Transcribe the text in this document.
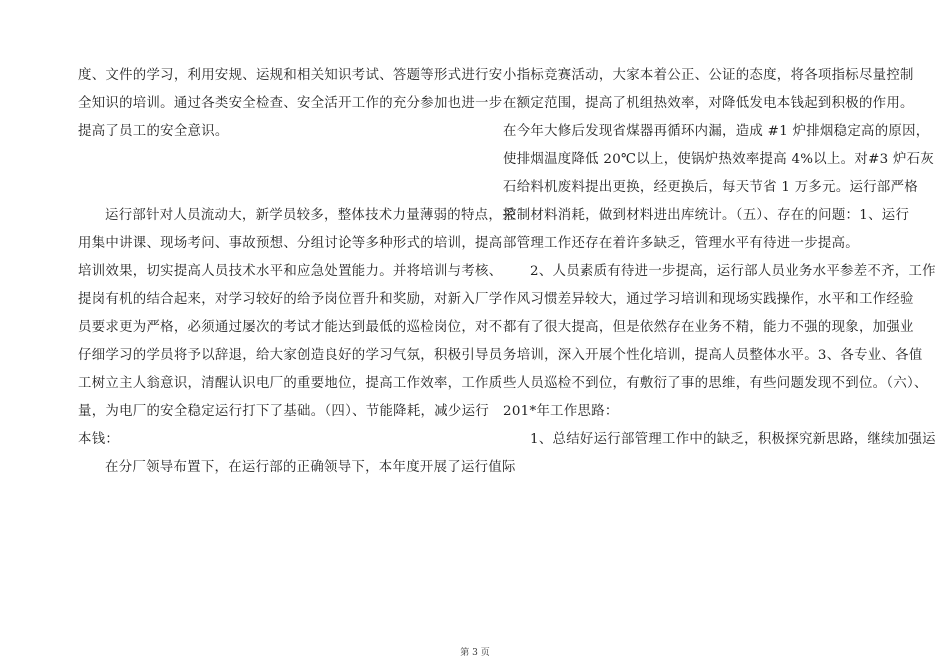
度、文件的学习，利用安规、运规和相关知识考试、答题等形式进行安
全知识的培训。通过各类安全检查、安全活开工作的充分参加也进一步
提高了员工的安全意识。
运行部针对人员流动大，新学员较多，整体技术力量薄弱的特点，采
用集中讲课、现场考问、事故预想、分组讨论等多种形式的培训，提高
培训效果，切实提高人员技术水平和应急处置能力。并将培训与考核、
提岗有机的结合起来，对学习较好的给予岗位晋升和奖励，对新入厂学
员要求更为严格，必须通过屡次的考试才能达到最低的巡检岗位，对不
仔细学习的学员将予以辞退，给大家创造良好的学习气氛，积极引导员
工树立主人翁意识，清醒认识电厂的重要地位，提高工作效率，工作质
量，为电厂的安全稳定运行打下了基础。（四）、节能降耗，减少运行
本钱：
在分厂领导布置下，在运行部的正确领导下，本年度开展了运行值际
小指标竞赛活动，大家本着公正、公证的态度，将各项指标尽量控制
在额定范围，提高了机组热效率，对降低发电本钱起到积极的作用。
在今年大修后发现省煤器再循环内漏，造成 #1 炉排烟稳定高的原因，
使排烟温度降低 20℃以上，使锅炉热效率提高 4%以上。对#3 炉石灰
石给料机废料提出更换，经更换后，每天节省 1 万多元。运行部严格
控制材料消耗，做到材料进出库统计。（五）、存在的问题：1、运行
部管理工作还存在着许多缺乏，管理水平有待进一步提高。
2、人员素质有待进一步提高，运行部人员业务水平参差不齐，工作
作风习惯差异较大，通过学习培训和现场实践操作，水平和工作经验
都有了很大提高，但是依然存在业务不精，能力不强的现象，加强业
务培训，深入开展个性化培训，提高人员整体水平。3、各专业、各值
些人员巡检不到位，有敷衍了事的思维，有些问题发现不到位。（六）、
201*年工作思路：
1、总结好运行部管理工作中的缺乏，积极探究新思路，继续加强运
第 3 页
